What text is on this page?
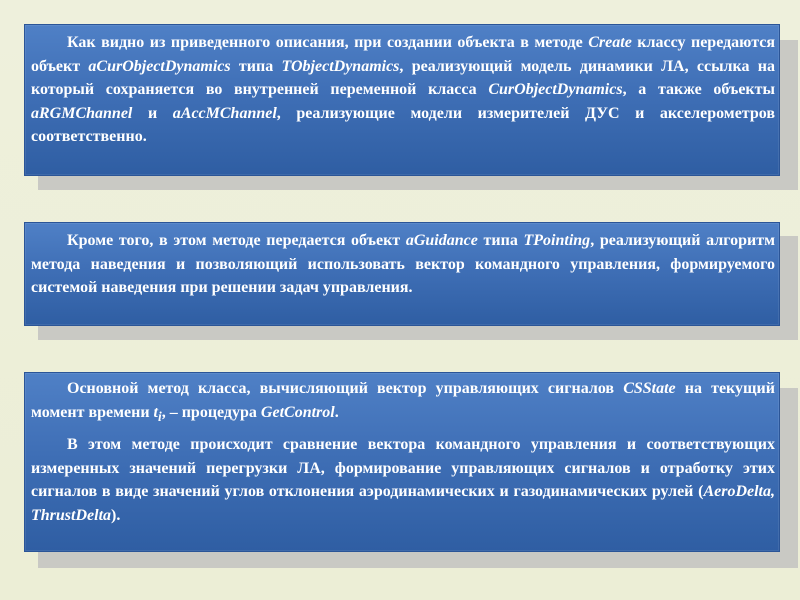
Как видно из приведенного описания, при создании объекта в методе Create классу передаются объект aCurObjectDynamics типа TObjectDynamics, реализующий модель динамики ЛА, ссылка на который сохраняется во внутренней переменной класса CurObjectDynamics, а также объекты aRGMChannel и aAccMChannel, реализующие модели измерителей ДУС и акселерометров соответственно.

Кроме того, в этом методе передается объект aGuidance типа TPointing, реализующий алгоритм метода наведения и позволяющий использовать вектор командного управления, формируемого системой наведения при решении задач управления.

Основной метод класса, вычисляющий вектор управляющих сигналов CSState на текущий момент времени $t_i$, – процедура GetControl.

В этом методе происходит сравнение вектора командного управления и соответствующих измеренных значений перегрузки ЛА, формирование управляющих сигналов и отработку этих сигналов в виде значений углов отклонения аэродинамических и газодинамических рулей (AeroDelta, ThrustDelta).
